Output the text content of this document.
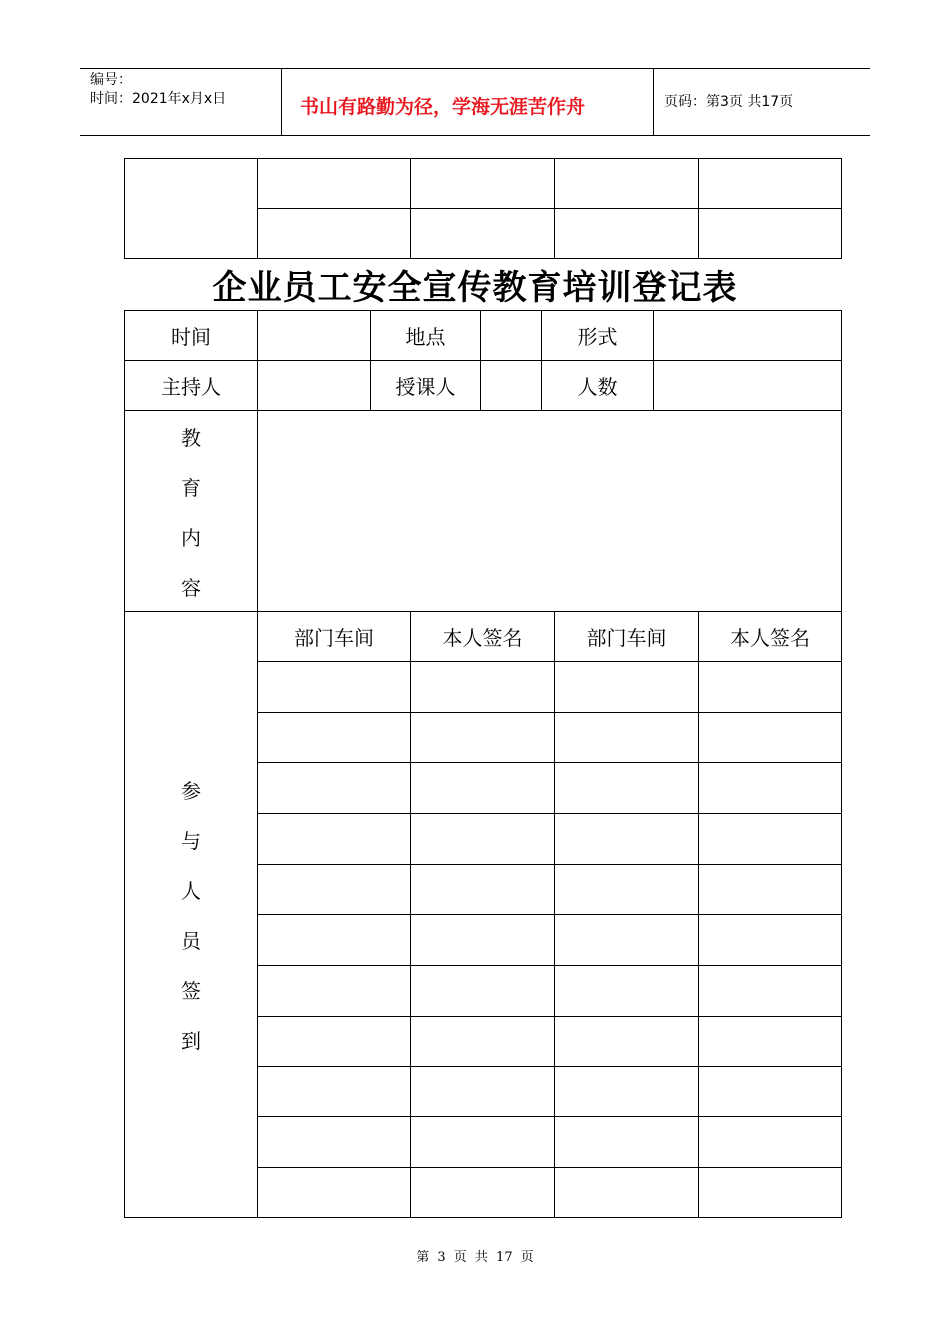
编号：
时间：2021年x月x日	书山有路勤为径，学海无涯苦作舟	页码：第3页 共17页
企业员工安全宣传教育培训登记表
时间	地点	形式
主持人	授课人	人数
教
育
内
容
参
与
人
员
签
到
部门车间	本人签名	部门车间	本人签名
第 3 页 共 17 页
